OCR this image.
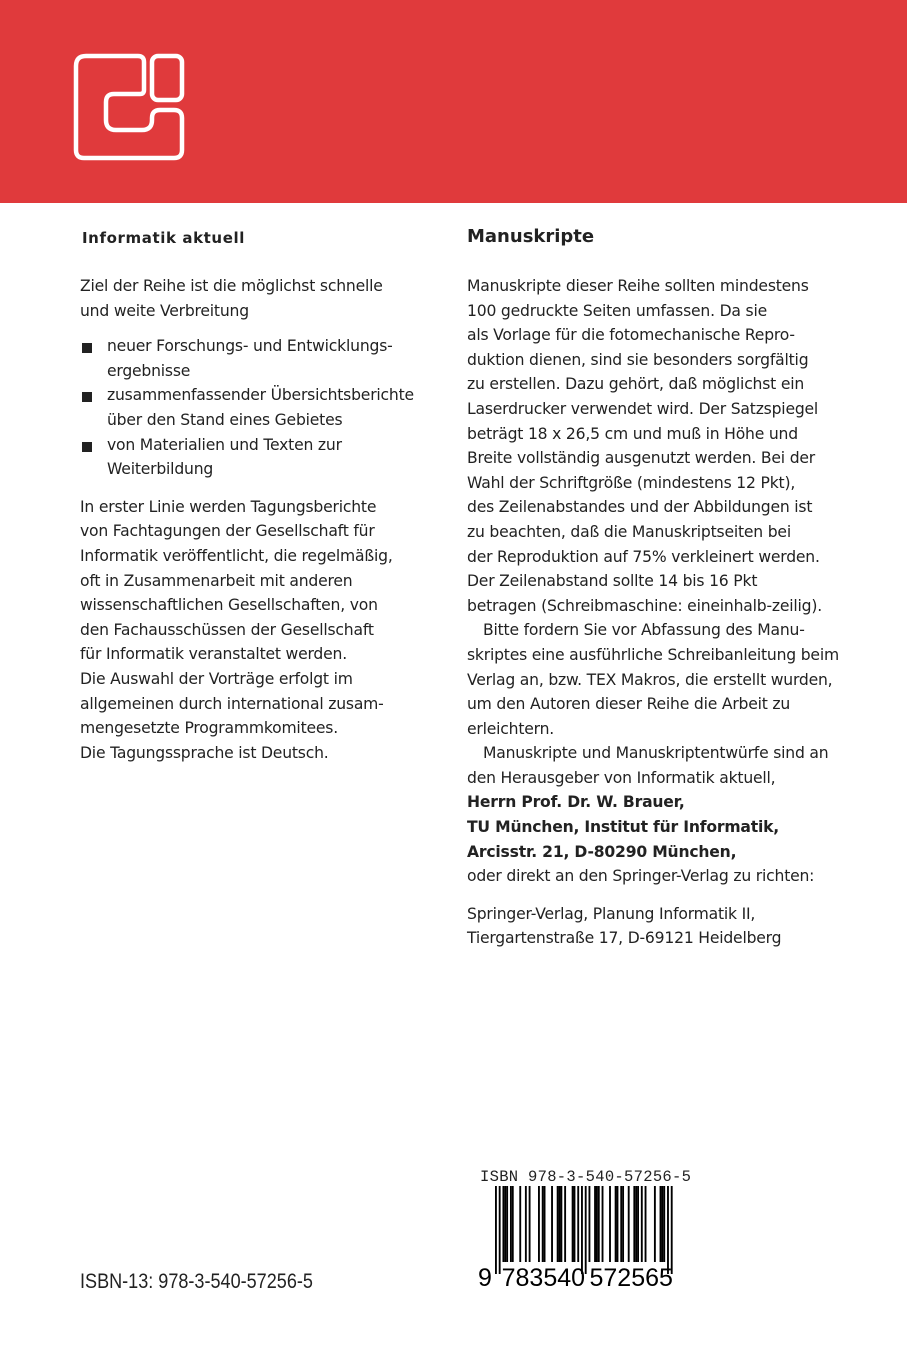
Informatik aktuell
Ziel der Reihe ist die möglichst schnelle
und weite Verbreitung
neuer Forschungs- und Entwicklungs-
ergebnisse
zusammenfassender Übersichtsberichte
über den Stand eines Gebietes
von Materialien und Texten zur
Weiterbildung
In erster Linie werden Tagungsberichte
von Fachtagungen der Gesellschaft für
Informatik veröffentlicht, die regelmäßig,
oft in Zusammenarbeit mit anderen
wissenschaftlichen Gesellschaften, von
den Fachausschüssen der Gesellschaft
für Informatik veranstaltet werden.
Die Auswahl der Vorträge erfolgt im
allgemeinen durch international zusam-
mengesetzte Programmkomitees.
Die Tagungssprache ist Deutsch.
Manuskripte
Manuskripte dieser Reihe sollten mindestens
100 gedruckte Seiten umfassen. Da sie
als Vorlage für die fotomechanische Repro-
duktion dienen, sind sie besonders sorgfältig
zu erstellen. Dazu gehört, daß möglichst ein
Laserdrucker verwendet wird. Der Satzspiegel
beträgt 18 x 26,5 cm und muß in Höhe und
Breite vollständig ausgenutzt werden. Bei der
Wahl der Schriftgröße (mindestens 12 Pkt),
des Zeilenabstandes und der Abbildungen ist
zu beachten, daß die Manuskriptseiten bei
der Reproduktion auf 75% verkleinert werden.
Der Zeilenabstand sollte 14 bis 16 Pkt
betragen (Schreibmaschine: eineinhalb-zeilig).
Bitte fordern Sie vor Abfassung des Manu-
skriptes eine ausführliche Schreibanleitung beim
Verlag an, bzw. TEX Makros, die erstellt wurden,
um den Autoren dieser Reihe die Arbeit zu
erleichtern.
Manuskripte und Manuskriptentwürfe sind an
den Herausgeber von Informatik aktuell,
Herrn Prof. Dr. W. Brauer,
TU München, Institut für Informatik,
Arcisstr. 21, D-80290 München,
oder direkt an den Springer-Verlag zu richten:
Springer-Verlag, Planung Informatik II,
Tiergartenstraße 17, D-69121 Heidelberg
ISBN 978-3-540-57256-5
9 783540 572565
ISBN-13: 978-3-540-57256-5
